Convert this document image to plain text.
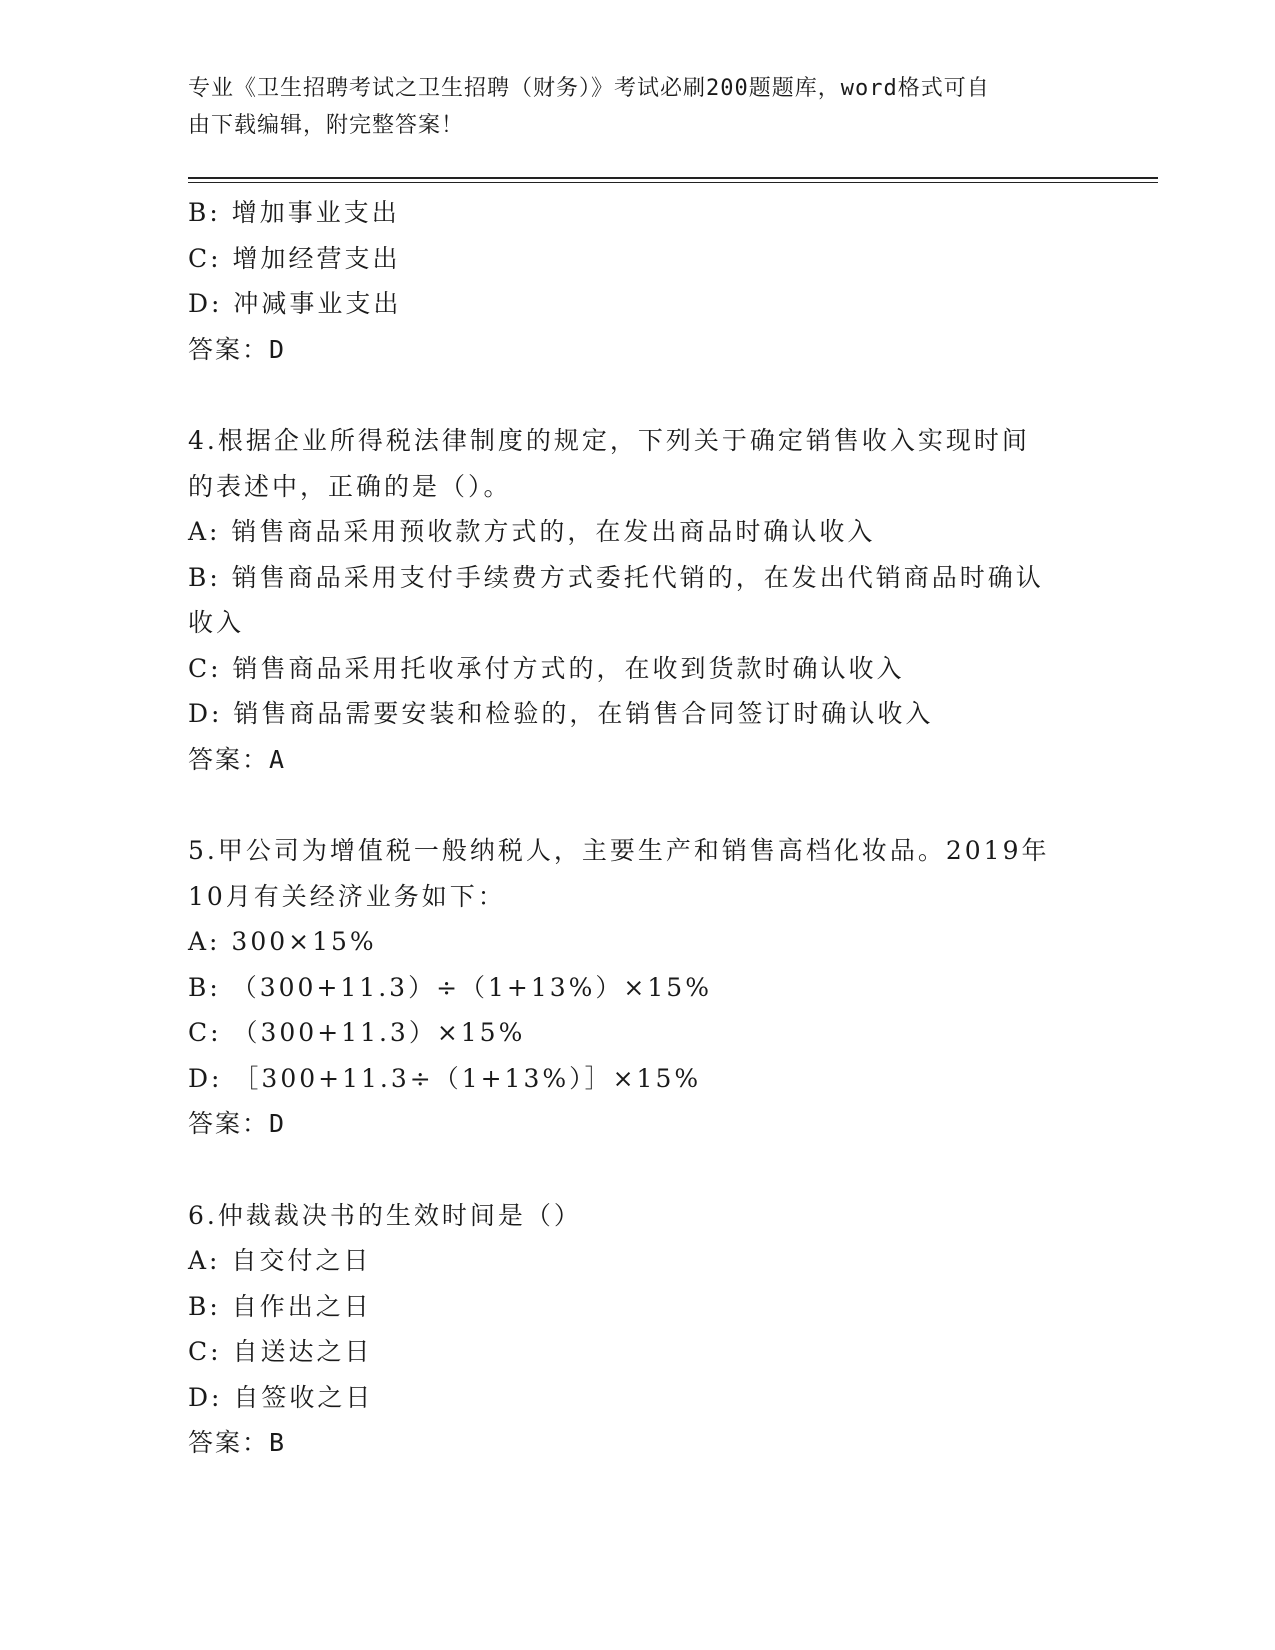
专业《卫生招聘考试之卫生招聘（财务）》考试必刷200题题库，word格式可自
由下载编辑，附完整答案！
B: 增加事业支出
C: 增加经营支出
D: 冲减事业支出
答案：D
4.根据企业所得税法律制度的规定，下列关于确定销售收入实现时间
的表述中，正确的是（）。
A: 销售商品采用预收款方式的，在发出商品时确认收入
B: 销售商品采用支付手续费方式委托代销的，在发出代销商品时确认
收入
C: 销售商品采用托收承付方式的，在收到货款时确认收入
D: 销售商品需要安装和检验的，在销售合同签订时确认收入
答案：A
5.甲公司为增值税一般纳税人，主要生产和销售高档化妆品。2019年
10月有关经济业务如下：
A: 300×15%
B: （300+11.3）÷（1+13%）×15%
C: （300+11.3）×15%
D: ［300+11.3÷（1+13%）］×15%
答案：D
6.仲裁裁决书的生效时间是（）
A: 自交付之日
B: 自作出之日
C: 自送达之日
D: 自签收之日
答案：B
